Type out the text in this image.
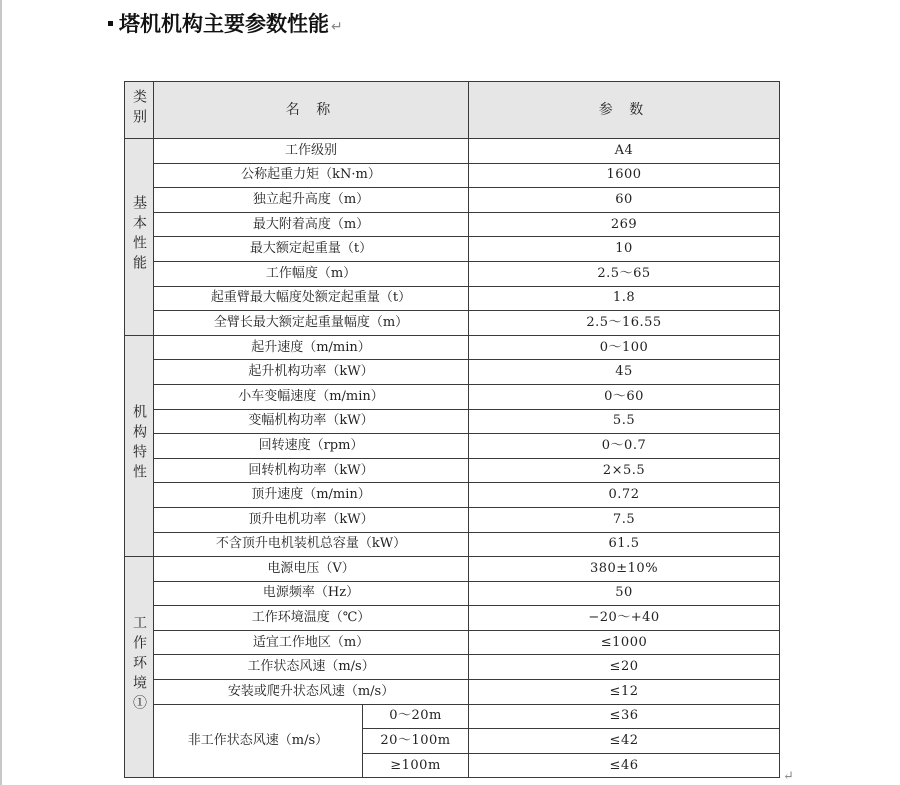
塔机机构主要参数性能 ↵
类别	名 称		参 数
基本性能	工作级别		A4
	公称起重力矩（kN·m）		1600
	独立起升高度（m）		60
	最大附着高度（m）		269
	最大额定起重量（t）		10
	工作幅度（m）		2.5～65
	起重臂最大幅度处额定起重量（t）		1.8
	全臂长最大额定起重量幅度（m）		2.5～16.55
机构特性	起升速度（m/min）		0～100
	起升机构功率（kW）		45
	小车变幅速度（m/min）		0～60
	变幅机构功率（kW）		5.5
	回转速度（rpm）		0～0.7
	回转机构功率（kW）		2×5.5
	顶升速度（m/min）		0.72
	顶升电机功率（kW）		7.5
	不含顶升电机装机总容量（kW）		61.5
工作环境①	电源电压（V）		380±10%
	电源频率（Hz）		50
	工作环境温度（℃）		−20～+40
	适宜工作地区（m）		≤1000
	工作状态风速（m/s）		≤20
	安装或爬升状态风速（m/s）		≤12
	非工作状态风速（m/s）	0～20m	≤36
		20～100m	≤42
		≥100m	≤46
↵
